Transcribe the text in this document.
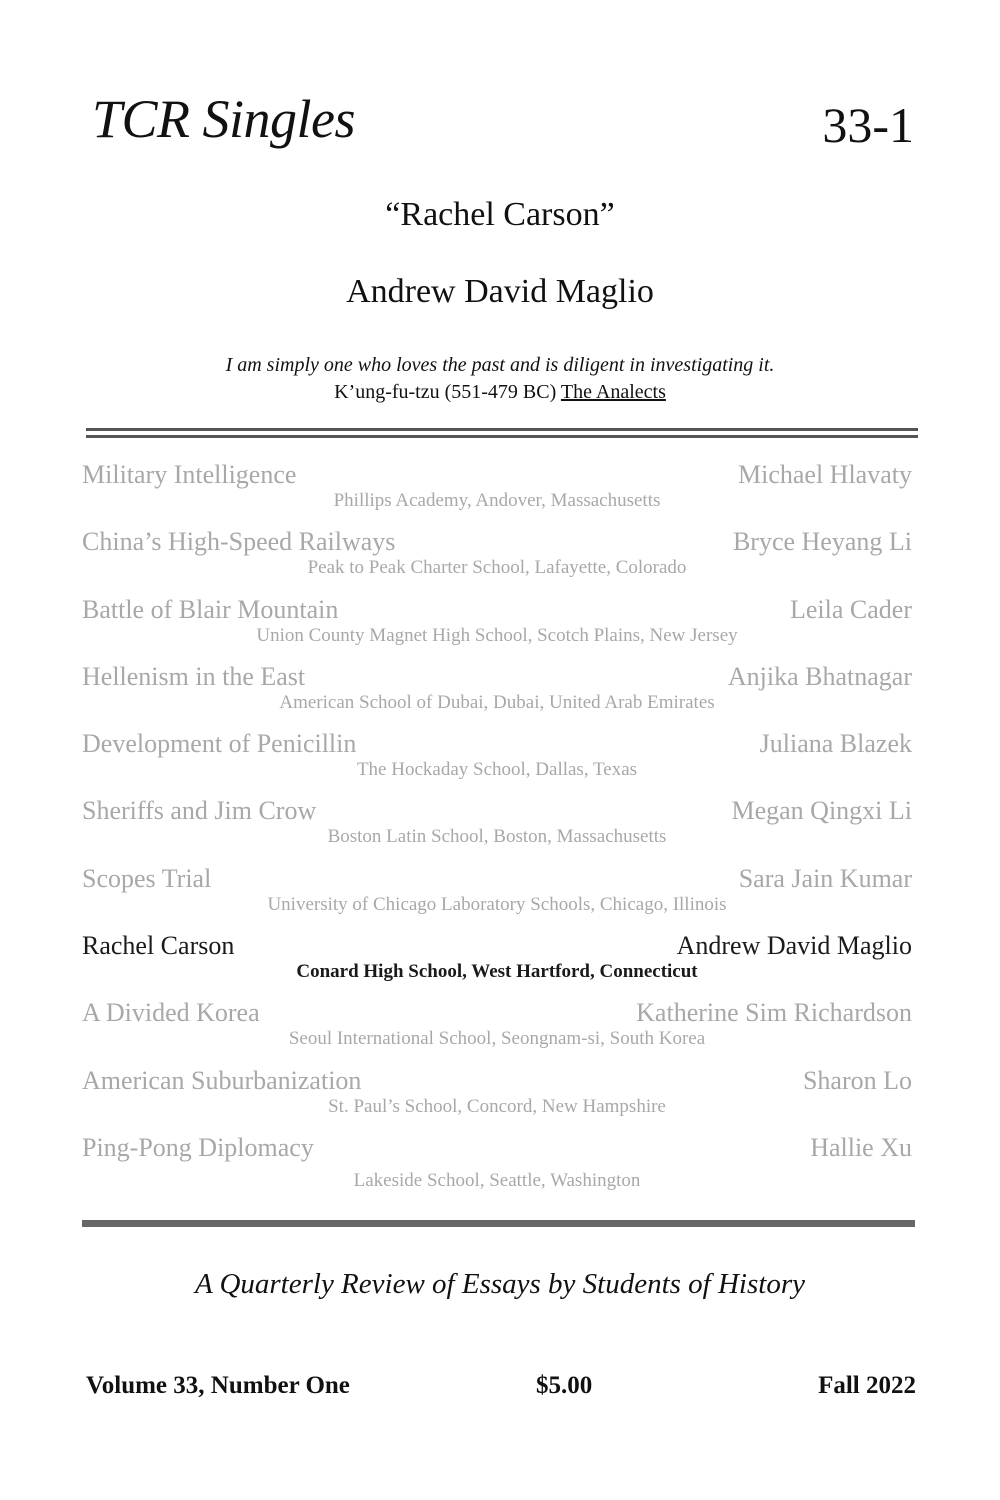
TCR Singles	33-1
“Rachel Carson”
Andrew David Maglio
I am simply one who loves the past and is diligent in investigating it.
K’ung-fu-tzu (551-479 BC) The Analects
Military Intelligence	Michael Hlavaty
Phillips Academy, Andover, Massachusetts
China’s High-Speed Railways	Bryce Heyang Li
Peak to Peak Charter School, Lafayette, Colorado
Battle of Blair Mountain	Leila Cader
Union County Magnet High School, Scotch Plains, New Jersey
Hellenism in the East	Anjika Bhatnagar
American School of Dubai, Dubai, United Arab Emirates
Development of Penicillin	Juliana Blazek
The Hockaday School, Dallas, Texas
Sheriffs and Jim Crow	Megan Qingxi Li
Boston Latin School, Boston, Massachusetts
Scopes Trial	Sara Jain Kumar
University of Chicago Laboratory Schools, Chicago, Illinois
Rachel Carson	Andrew David Maglio
Conard High School, West Hartford, Connecticut
A Divided Korea	Katherine Sim Richardson
Seoul International School, Seongnam-si, South Korea
American Suburbanization	Sharon Lo
St. Paul’s School, Concord, New Hampshire
Ping-Pong Diplomacy	Hallie Xu
Lakeside School, Seattle, Washington
A Quarterly Review of Essays by Students of History
Volume 33, Number One	$5.00	Fall 2022
